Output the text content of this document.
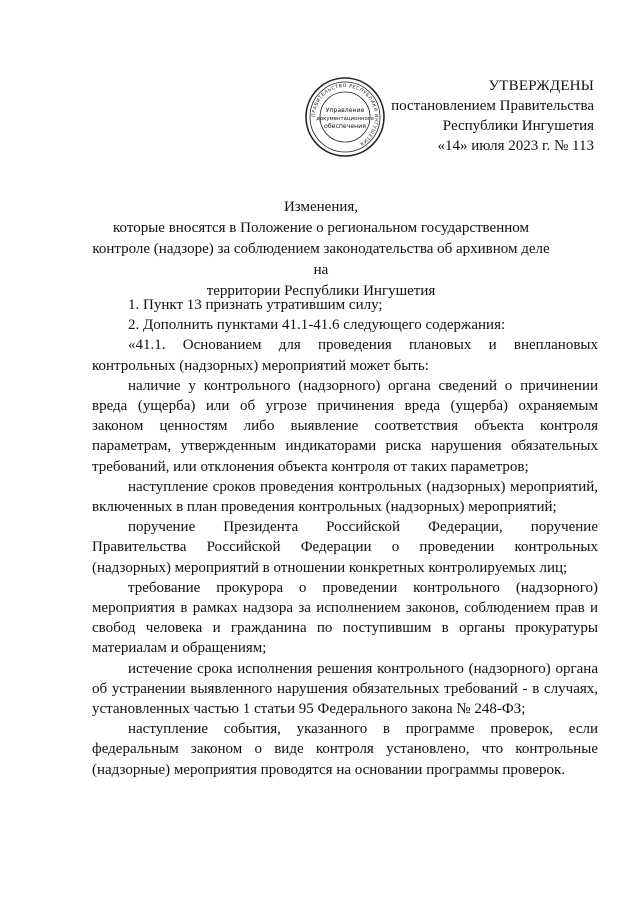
ПРАВИТЕЛЬСТВО РЕСПУБЛИКИ ИНГУШЕТИЯ
Управление
документационного
обеспечения
УТВЕРЖДЕНЫ
постановлением Правительства
Республики Ингушетия
«14» июля 2023 г. № 113
Изменения,
которые вносятся в Положение о региональном государственном
контроле (надзоре) за соблюдением законодательства об архивном деле на
территории Республики Ингушетия

1. Пункт 13 признать утратившим силу;

2. Дополнить пунктами 41.1-41.6 следующего содержания:

«41.1. Основанием для проведения плановых и внеплановых контрольных (надзорных) мероприятий может быть:

наличие у контрольного (надзорного) органа сведений о причинении вреда (ущерба) или об угрозе причинения вреда (ущерба) охраняемым законом ценностям либо выявление соответствия объекта контроля параметрам, утвержденным индикаторами риска нарушения обязательных требований, или отклонения объекта контроля от таких параметров;

наступление сроков проведения контрольных (надзорных) мероприятий, включенных в план проведения контрольных (надзорных) мероприятий;

поручение Президента Российской Федерации, поручение Правительства Российской Федерации о проведении контрольных (надзорных) мероприятий в отношении конкретных контролируемых лиц;

требование прокурора о проведении контрольного (надзорного) мероприятия в рамках надзора за исполнением законов, соблюдением прав и свобод человека и гражданина по поступившим в органы прокуратуры материалам и обращениям;

истечение срока исполнения решения контрольного (надзорного) органа об устранении выявленного нарушения обязательных требований - в случаях, установленных частью 1 статьи 95 Федерального закона № 248-ФЗ;

наступление события, указанного в программе проверок, если федеральным законом о виде контроля установлено, что контрольные (надзорные) мероприятия проводятся на основании программы проверок.
